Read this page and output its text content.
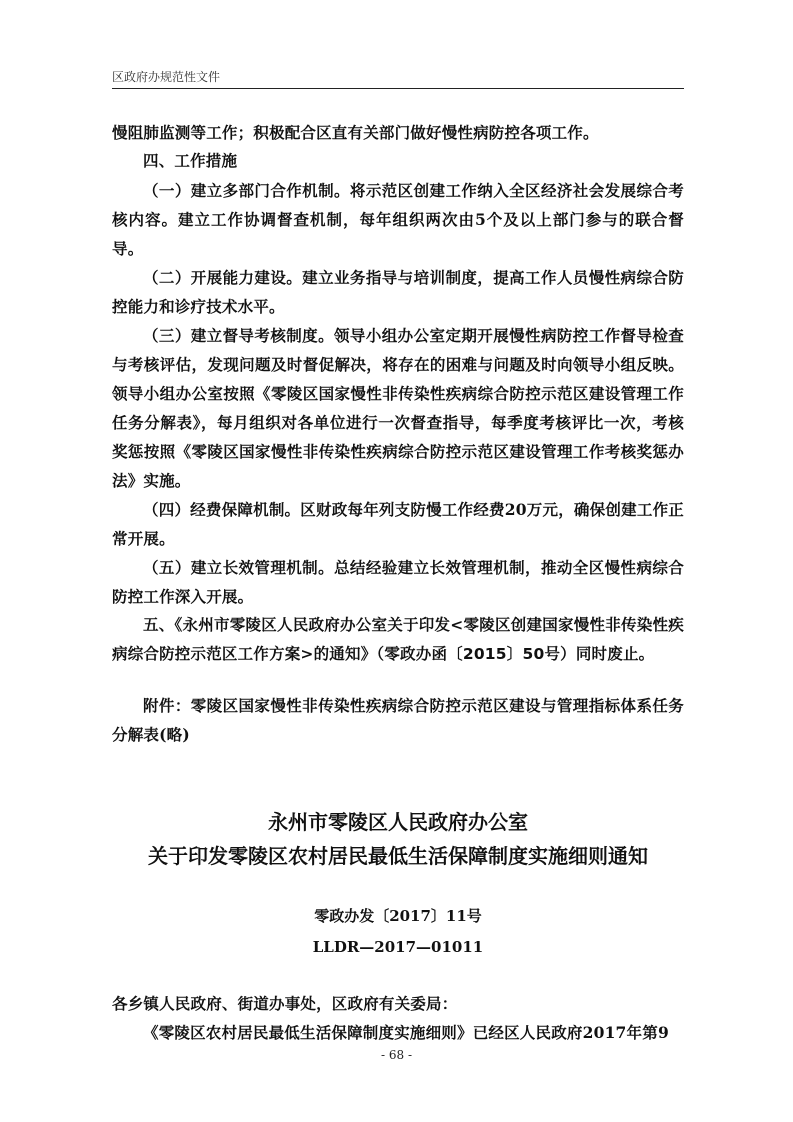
区政府办规范性文件

慢阻肺监测等工作；积极配合区直有关部门做好慢性病防控各项工作。

四、工作措施

（一）建立多部门合作机制。将示范区创建工作纳入全区经济社会发展综合考核内容。建立工作协调督查机制，每年组织两次由5个及以上部门参与的联合督导。

（二）开展能力建设。建立业务指导与培训制度，提高工作人员慢性病综合防控能力和诊疗技术水平。

（三）建立督导考核制度。领导小组办公室定期开展慢性病防控工作督导检查与考核评估，发现问题及时督促解决，将存在的困难与问题及时向领导小组反映。领导小组办公室按照《零陵区国家慢性非传染性疾病综合防控示范区建设管理工作任务分解表》，每月组织对各单位进行一次督查指导，每季度考核评比一次，考核奖惩按照《零陵区国家慢性非传染性疾病综合防控示范区建设管理工作考核奖惩办法》实施。

（四）经费保障机制。区财政每年列支防慢工作经费20万元，确保创建工作正常开展。

（五）建立长效管理机制。总结经验建立长效管理机制，推动全区慢性病综合防控工作深入开展。

五、《永州市零陵区人民政府办公室关于印发<零陵区创建国家慢性非传染性疾病综合防控示范区工作方案>的通知》（零政办函〔2015〕50号）同时废止。

附件：零陵区国家慢性非传染性疾病综合防控示范区建设与管理指标体系任务分解表(略)

永州市零陵区人民政府办公室
关于印发零陵区农村居民最低生活保障制度实施细则通知
零政办发〔2017〕11号
LLDR—2017—01011

各乡镇人民政府、街道办事处，区政府有关委局：

《零陵区农村居民最低生活保障制度实施细则》已经区人民政府2017年第9

- 68 -
